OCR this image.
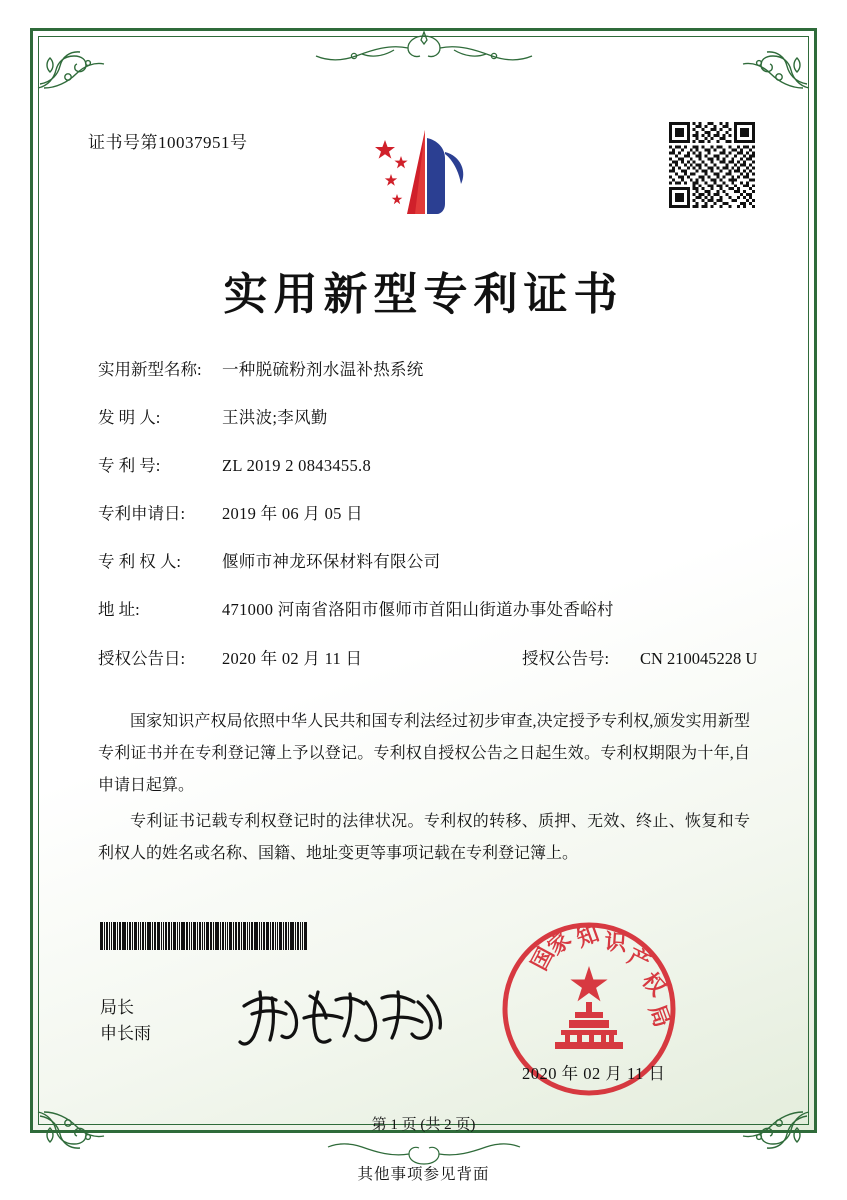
证书号第10037951号
实用新型专利证书
实用新型名称:	一种脱硫粉剂水温补热系统
发 明 人:	王洪波;李风勤
专 利 号:	ZL 2019 2 0843455.8
专利申请日:	2019 年 06 月 05 日
专 利 权 人:	偃师市神龙环保材料有限公司
地 址:	471000 河南省洛阳市偃师市首阳山街道办事处香峪村
授权公告日:	2020 年 02 月 11 日	授权公告号:	CN 210045228 U

国家知识产权局依照中华人民共和国专利法经过初步审查,决定授予专利权,颁发实用新型专利证书并在专利登记簿上予以登记。专利权自授权公告之日起生效。专利权期限为十年,自申请日起算。

专利证书记载专利权登记时的法律状况。专利权的转移、质押、无效、终止、恢复和专利权人的姓名或名称、国籍、地址变更等事项记载在专利登记簿上。

局长
申长雨
国
家
知 识
产
权
局
2020 年 02 月 11 日
第 1 页 (共 2 页)
其他事项参见背面
